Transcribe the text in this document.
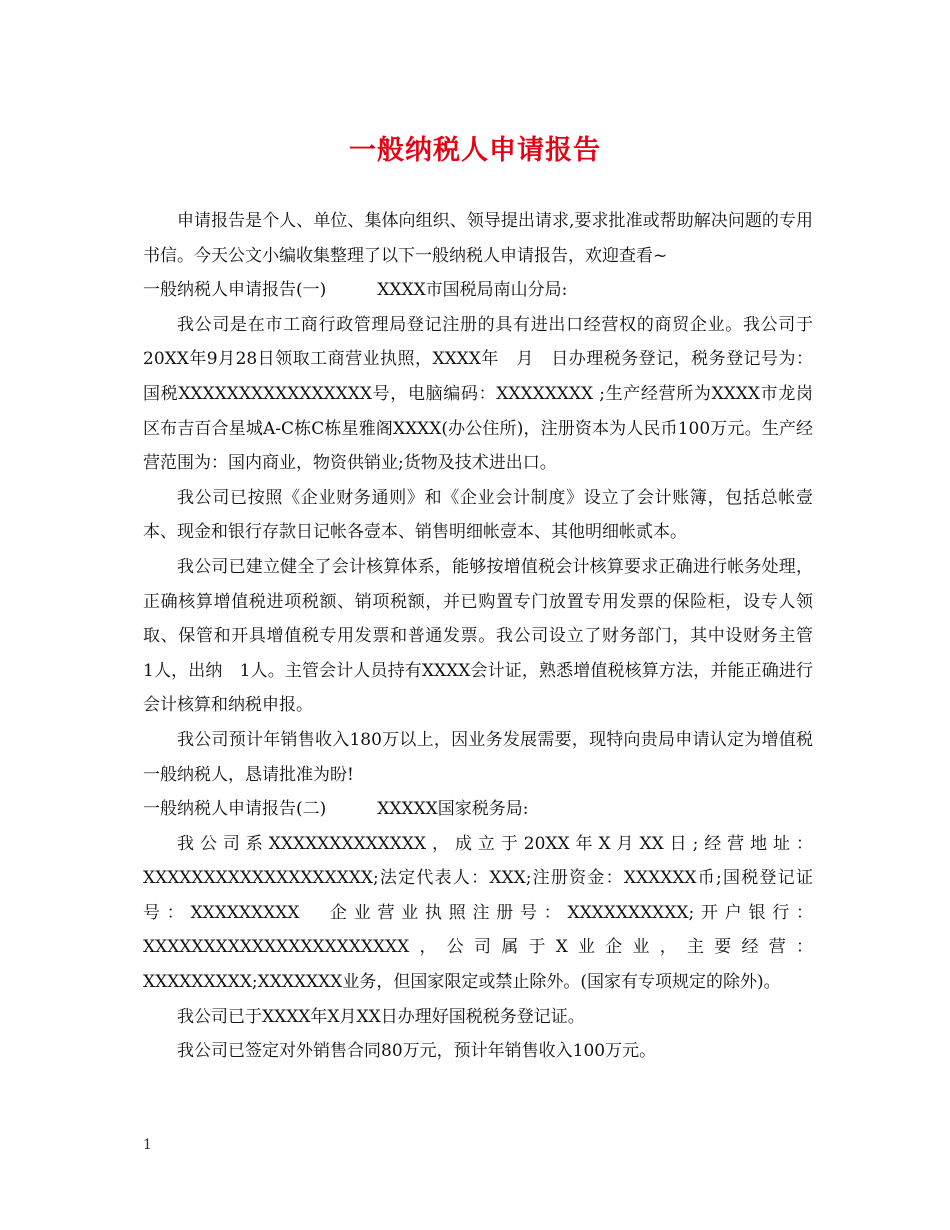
一般纳税人申请报告

申请报告是个人、单位、集体向组织、领导提出请求,要求批准或帮助解决问题的专用书信。今天公文小编收集整理了以下一般纳税人申请报告，欢迎查看~

一般纳税人申请报告(一)　　　XXXX市国税局南山分局:

我公司是在市工商行政管理局登记注册的具有进出口经营权的商贸企业。我公司于20XX年9月28日领取工商营业执照，XXXX年　月　日办理税务登记，税务登记号为：国税XXXXXXXXXXXXXXXX号，电脑编码：XXXXXXXX ;生产经营所为XXXX市龙岗区布吉百合星城A-C栋C栋星雅阁XXXX(办公住所)，注册资本为人民币100万元。生产经营范围为：国内商业，物资供销业;货物及技术进出口。

我公司已按照《企业财务通则》和《企业会计制度》设立了会计账簿，包括总帐壹本、现金和银行存款日记帐各壹本、销售明细帐壹本、其他明细帐贰本。

我公司已建立健全了会计核算体系，能够按增值税会计核算要求正确进行帐务处理，正确核算增值税进项税额、销项税额，并已购置专门放置专用发票的保险柜，设专人领取、保管和开具增值税专用发票和普通发票。我公司设立了财务部门，其中设财务主管　1人，出纳　1人。主管会计人员持有XXXX会计证，熟悉增值税核算方法，并能正确进行会计核算和纳税申报。

我公司预计年销售收入180万以上，因业务发展需要，现特向贵局申请认定为增值税一般纳税人，恳请批准为盼!

一般纳税人申请报告(二)　　　XXXXX国家税务局:

我公司系XXXXXXXXXXXXX，成立于20XX年X月XX日;经营地址：XXXXXXXXXXXXXXXXXXX;法定代表人：XXX;注册资金：XXXXXX币;国税登记证号：XXXXXXXXX　企业营业执照注册号：XXXXXXXXXX;开户银行：XXXXXXXXXXXXXXXXXXXXXX，公司属于X业企业，主要经营：XXXXXXXXX;XXXXXXX业务，但国家限定或禁止除外。(国家有专项规定的除外)。

我公司已于XXXX年X月XX日办理好国税税务登记证。

我公司已签定对外销售合同80万元，预计年销售收入100万元。

1
